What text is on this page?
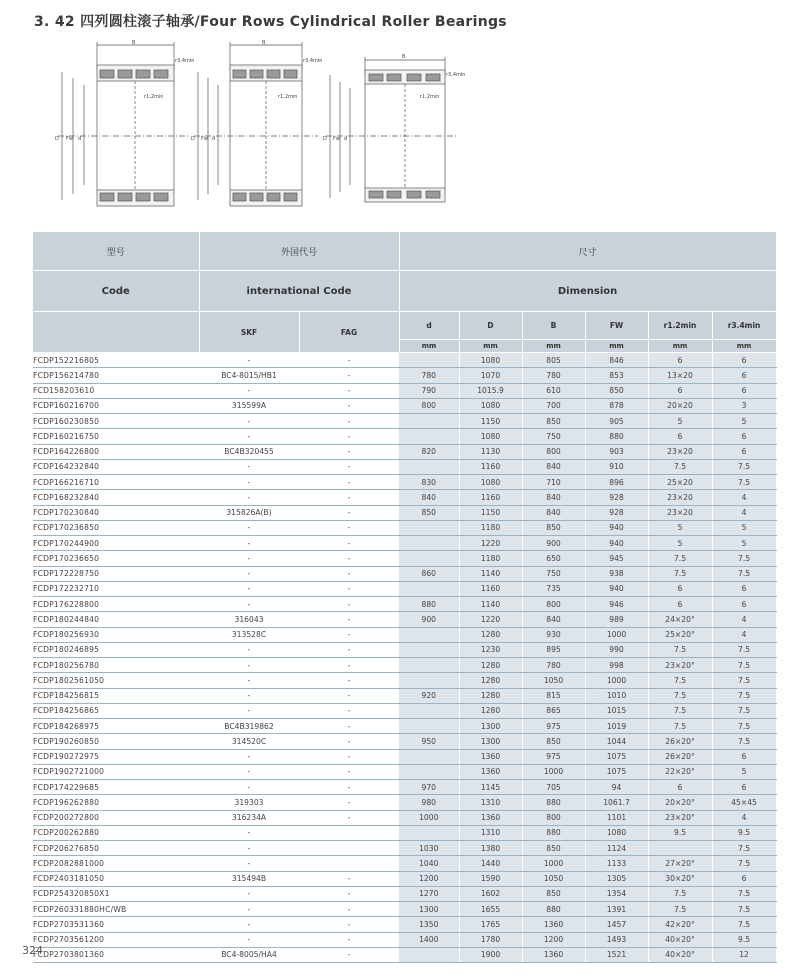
3. 42 四列圆柱滚子轴承/Four Rows Cylindrical Roller Bearings
B
r3,4min
r1,2min
D Fw d
B
r3,4min
r1,2min
D Fw d
B
r3,4min
r1,2min
D Fw d
型号	外国代号		尺寸					
Code	international Code		Dimension					
	SKF	FAG	d	D	B	FW	r1.2min	r3.4min
			mm	mm	mm	mm	mm	mm
FCDP152216805	-	-		1080	805	846	6	6
FCDP156214780	BC4-8015/HB1	-	780	1070	780	853	13×20	6
FCD158203610	-	-	790	1015.9	610	850	6	6
FCDP160216700	315599A	-	800	1080	700	878	20×20	3
FCDP160230850	-	-		1150	850	905	5	5
FCDP160216750	-	-		1080	750	880	6	6
FCDP164226800	BC4B320455	-	820	1130	800	903	23×20	6
FCDP164232840	-	-		1160	840	910	7.5	7.5
FCDP166216710	-	-	830	1080	710	896	25×20	7.5
FCDP168232840	-	-	840	1160	840	928	23×20	4
FCDP170230840	315826A(B)	-	850	1150	840	928	23×20	4
FCDP170236850	-	-		1180	850	940	5	5
FCDP170244900	-	-		1220	900	940	5	5
FCDP170236650	-	-		1180	650	945	7.5	7.5
FCDP172228750	-	-	860	1140	750	938	7.5	7.5
FCDP172232710	-	-		1160	735	940	6	6
FCDP176228800	-	-	880	1140	800	946	6	6
FCDP180244840	316043	-	900	1220	840	989	24×20°	4
FCDP180256930	313528C	-		1280	930	1000	25×20°	4
FCDP180246895	-	-		1230	895	990	7.5	7.5
FCDP180256780	-	-		1280	780	998	23×20°	7.5
FCDP1802561050	-	-		1280	1050	1000	7.5	7.5
FCDP184256815	-	-	920	1280	815	1010	7.5	7.5
FCDP184256865	-	-		1280	865	1015	7.5	7.5
FCDP184268975	BC4B319862	-		1300	975	1019	7.5	7.5
FCDP190260850	314520C	-	950	1300	850	1044	26×20°	7.5
FCDP190272975	-	-		1360	975	1075	26×20°	6
FCDP1902721000	-	-		1360	1000	1075	22×20°	5
FCDP174229685	-	-	970	1145	705	94	6	6
FCDP196262880	319303	-	980	1310	880	1061.7	20×20°	45×45
FCDP200272800	316234A	-	1000	1360	800	1101	23×20°	4
FCDP200262880	-			1310	880	1080	9.5	9.5
FCDP206276850	-		1030	1380	850	1124		7.5
FCDP2082881000	-		1040	1440	1000	1133	27×20°	7.5
FCDP2403181050	315494B	-	1200	1590	1050	1305	30×20°	6
FCDP254320850X1	-	-	1270	1602	850	1354	7.5	7.5
FCDP260331880HC/WB	-	-	1300	1655	880	1391	7.5	7.5
FCDP2703531360	-	-	1350	1765	1360	1457	42×20°	7.5
FCDP2703561200	-	-	1400	1780	1200	1493	40×20°	9.5
FCDP2703801360	BC4-8005/HA4	-		1900	1360	1521	40×20°	12
324
